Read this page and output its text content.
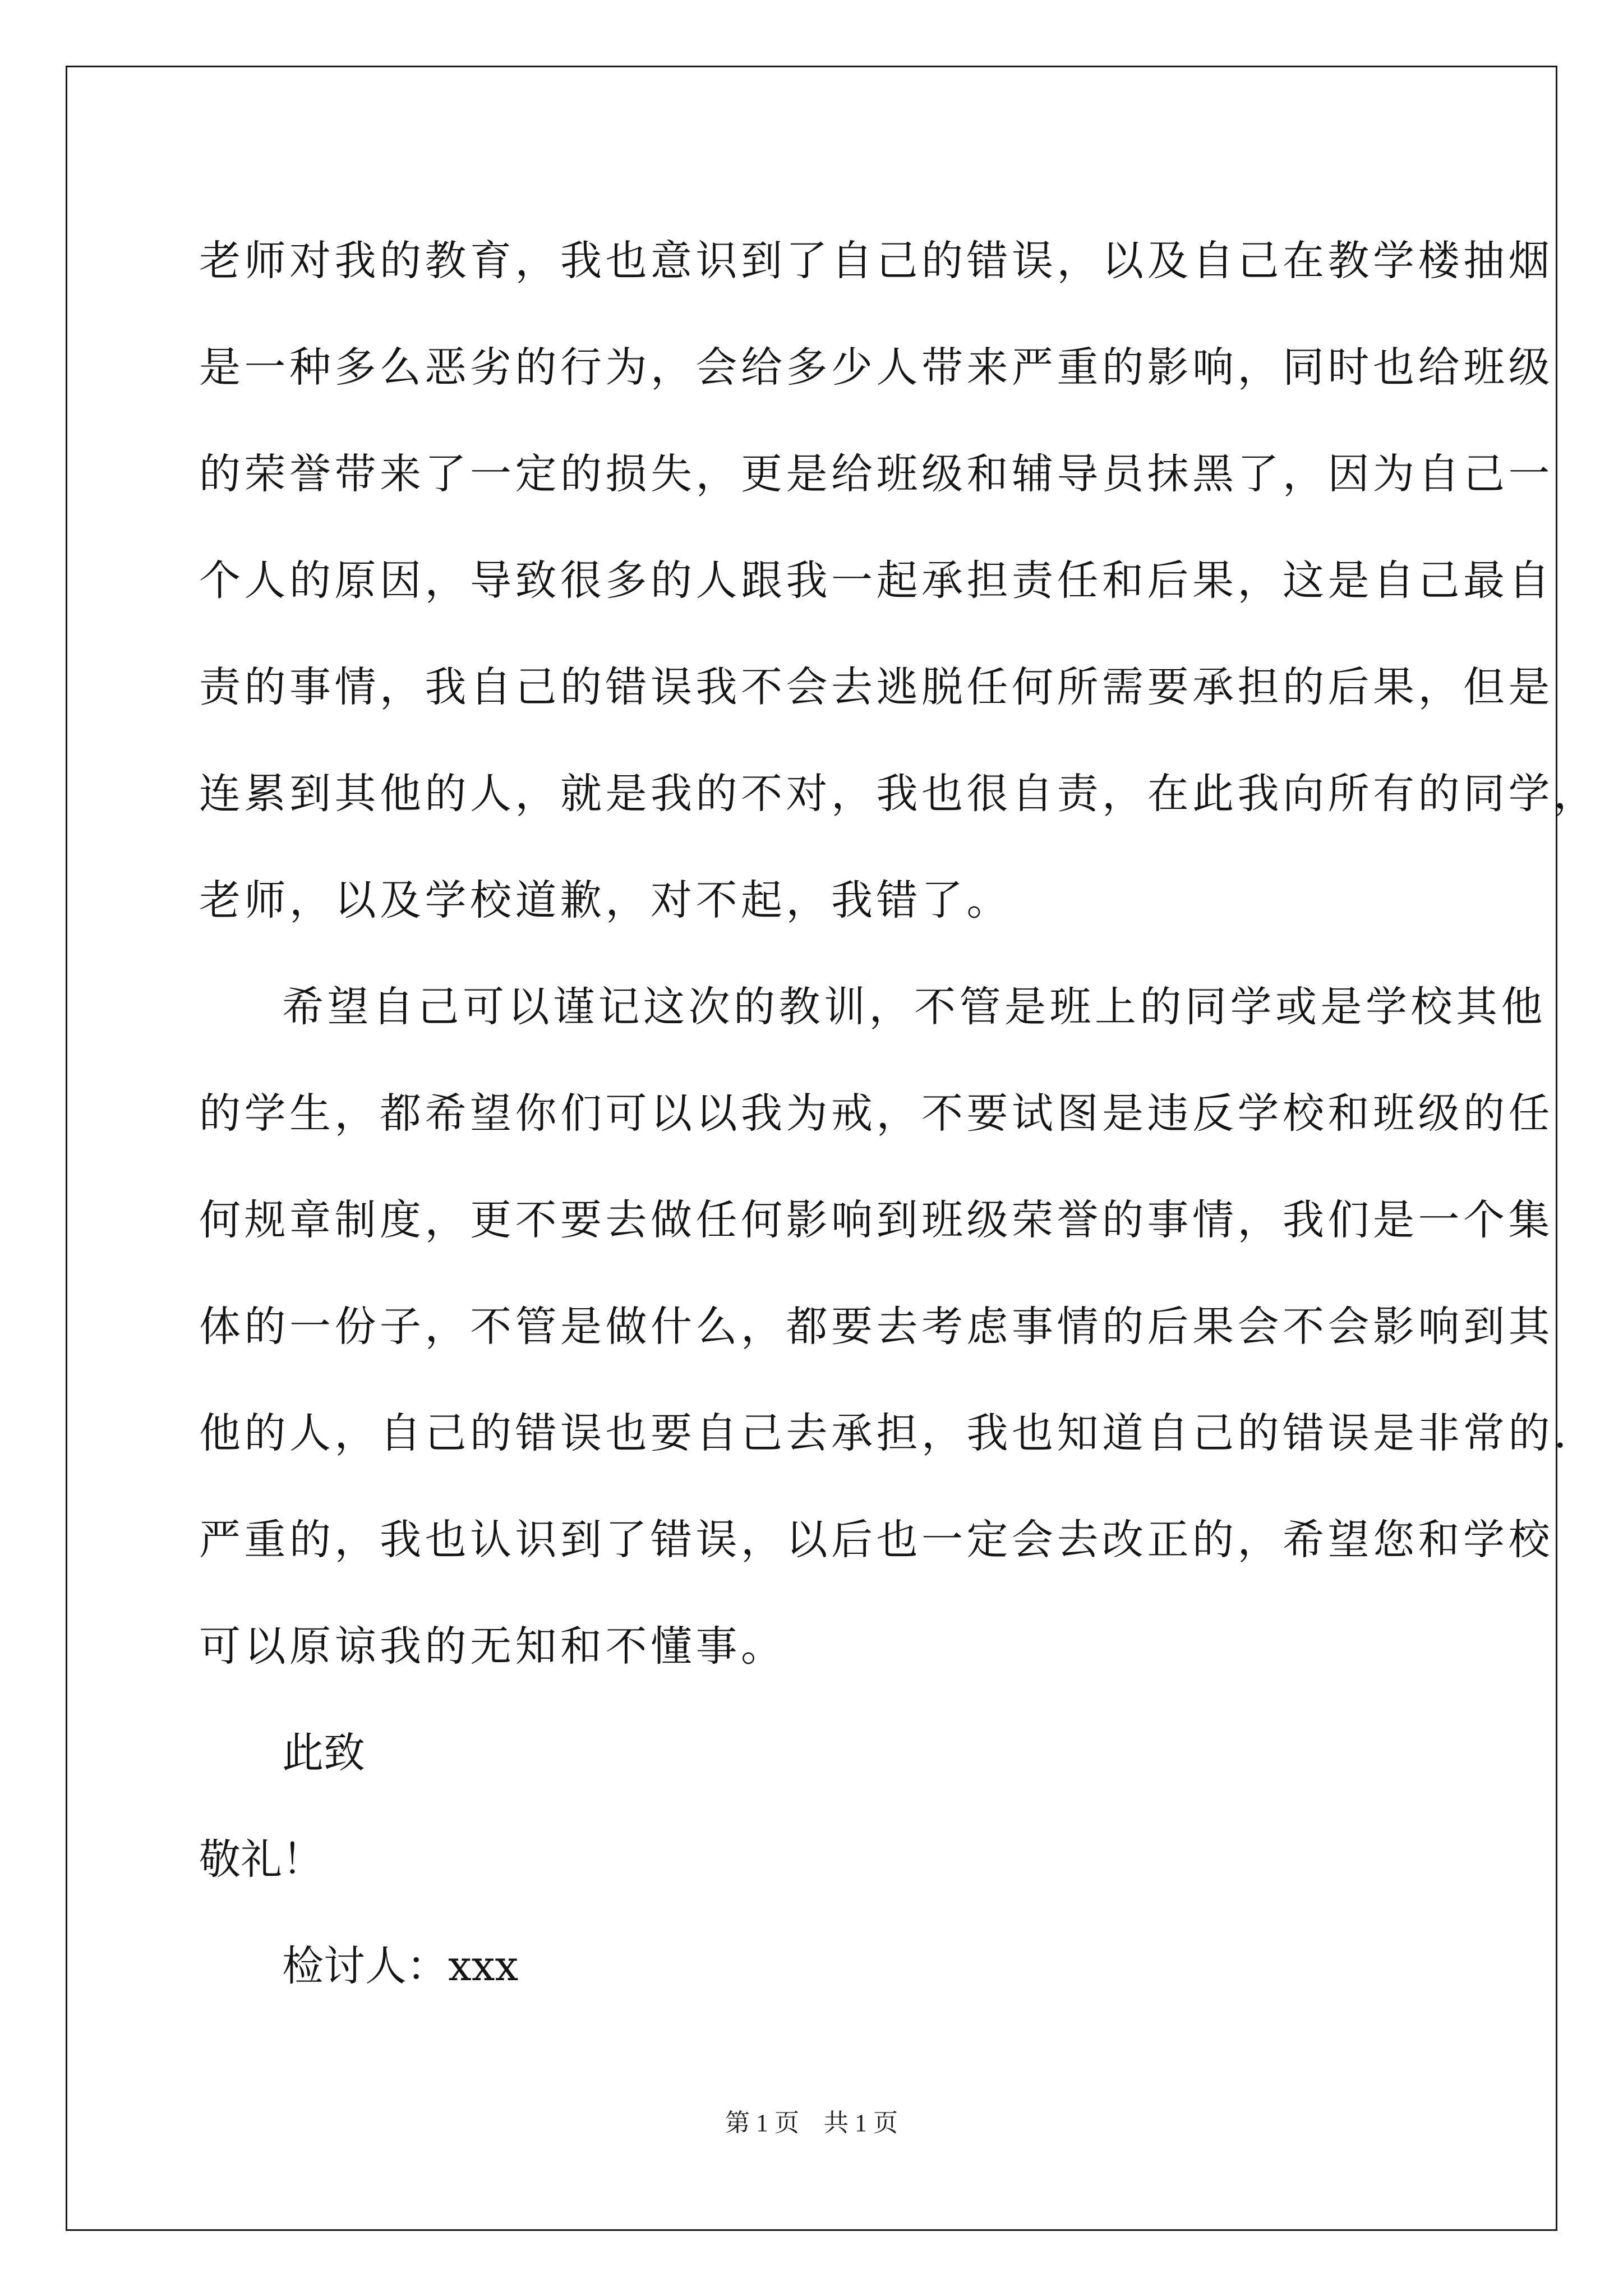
老师对我的教育，我也意识到了自己的错误，以及自己在教学楼抽烟
是一种多么恶劣的行为，会给多少人带来严重的影响，同时也给班级
的荣誉带来了一定的损失，更是给班级和辅导员抹黑了，因为自己一
个人的原因，导致很多的人跟我一起承担责任和后果，这是自己最自
责的事情，我自己的错误我不会去逃脱任何所需要承担的后果，但是
连累到其他的人，就是我的不对，我也很自责，在此我向所有的同学，
老师，以及学校道歉，对不起，我错了。
希望自己可以谨记这次的教训，不管是班上的同学或是学校其他
的学生，都希望你们可以以我为戒，不要试图是违反学校和班级的任
何规章制度，更不要去做任何影响到班级荣誉的事情，我们是一个集
体的一份子，不管是做什么，都要去考虑事情的后果会不会影响到其
他的人，自己的错误也要自己去承担，我也知道自己的错误是非常的.
严重的，我也认识到了错误，以后也一定会去改正的，希望您和学校
可以原谅我的无知和不懂事。
此致
敬礼！
检讨人：xxx
第 1 页    共 1 页
